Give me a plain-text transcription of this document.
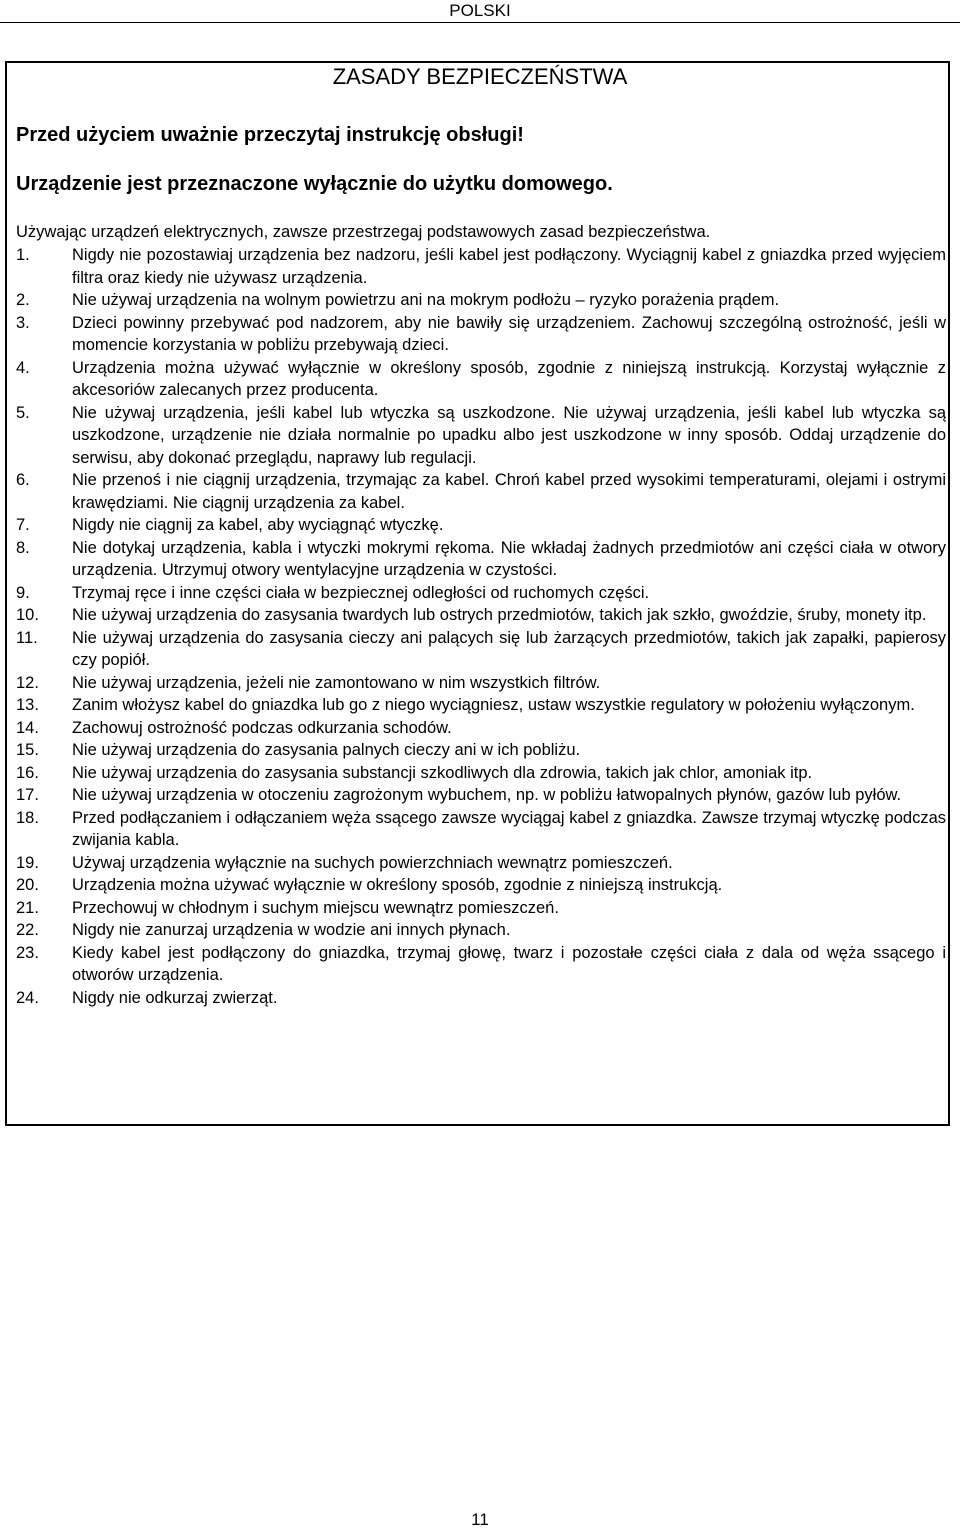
POLSKI
ZASADY BEZPIECZEŃSTWA
Przed użyciem uważnie przeczytaj instrukcję obsługi!
Urządzenie jest przeznaczone wyłącznie do użytku domowego.
Używając urządzeń elektrycznych, zawsze przestrzegaj podstawowych zasad bezpieczeństwa.
1.	Nigdy nie pozostawiaj urządzenia bez nadzoru, jeśli kabel jest podłączony. Wyciągnij kabel z gniazdka przed wyjęciem filtra oraz kiedy nie używasz urządzenia.
2.	Nie używaj urządzenia na wolnym powietrzu ani na mokrym podłożu – ryzyko porażenia prądem.
3.	Dzieci powinny przebywać pod nadzorem, aby nie bawiły się urządzeniem. Zachowuj szczególną ostrożność, jeśli w momencie korzystania w pobliżu przebywają dzieci.
4.	Urządzenia można używać wyłącznie w określony sposób, zgodnie z niniejszą instrukcją. Korzystaj wyłącznie z akcesoriów zalecanych przez producenta.
5.	Nie używaj urządzenia, jeśli kabel lub wtyczka są uszkodzone. Nie używaj urządzenia, jeśli kabel lub wtyczka są uszkodzone, urządzenie nie działa normalnie po upadku albo jest uszkodzone w inny sposób. Oddaj urządzenie do serwisu, aby dokonać przeglądu, naprawy lub regulacji.
6.	Nie przenoś i nie ciągnij urządzenia, trzymając za kabel. Chroń kabel przed wysokimi temperaturami, olejami i ostrymi krawędziami. Nie ciągnij urządzenia za kabel.
7.	Nigdy nie ciągnij za kabel, aby wyciągnąć wtyczkę.
8.	Nie dotykaj urządzenia, kabla i wtyczki mokrymi rękoma. Nie wkładaj żadnych przedmiotów ani części ciała w otwory urządzenia. Utrzymuj otwory wentylacyjne urządzenia w czystości.
9.	Trzymaj ręce i inne części ciała w bezpiecznej odległości od ruchomych części.
10.	Nie używaj urządzenia do zasysania twardych lub ostrych przedmiotów, takich jak szkło, gwoździe, śruby, monety itp.
11.	Nie używaj urządzenia do zasysania cieczy ani palących się lub żarzących przedmiotów, takich jak zapałki, papierosy czy popiół.
12.	Nie używaj urządzenia, jeżeli nie zamontowano w nim wszystkich filtrów.
13.	Zanim włożysz kabel do gniazdka lub go z niego wyciągniesz, ustaw wszystkie regulatory w położeniu wyłączonym.
14.	Zachowuj ostrożność podczas odkurzania schodów.
15.	Nie używaj urządzenia do zasysania palnych cieczy ani w ich pobliżu.
16.	Nie używaj urządzenia do zasysania substancji szkodliwych dla zdrowia, takich jak chlor, amoniak itp.
17.	Nie używaj urządzenia w otoczeniu zagrożonym wybuchem, np. w pobliżu łatwopalnych płynów, gazów lub pyłów.
18.	Przed podłączaniem i odłączaniem węża ssącego zawsze wyciągaj kabel z gniazdka. Zawsze trzymaj wtyczkę podczas zwijania kabla.
19.	Używaj urządzenia wyłącznie na suchych powierzchniach wewnątrz pomieszczeń.
20.	Urządzenia można używać wyłącznie w określony sposób, zgodnie z niniejszą instrukcją.
21.	Przechowuj w chłodnym i suchym miejscu wewnątrz pomieszczeń.
22.	Nigdy nie zanurzaj urządzenia w wodzie ani innych płynach.
23.	Kiedy kabel jest podłączony do gniazdka, trzymaj głowę, twarz i pozostałe części ciała z dala od węża ssącego i otworów urządzenia.
24.	Nigdy nie odkurzaj zwierząt.
11
